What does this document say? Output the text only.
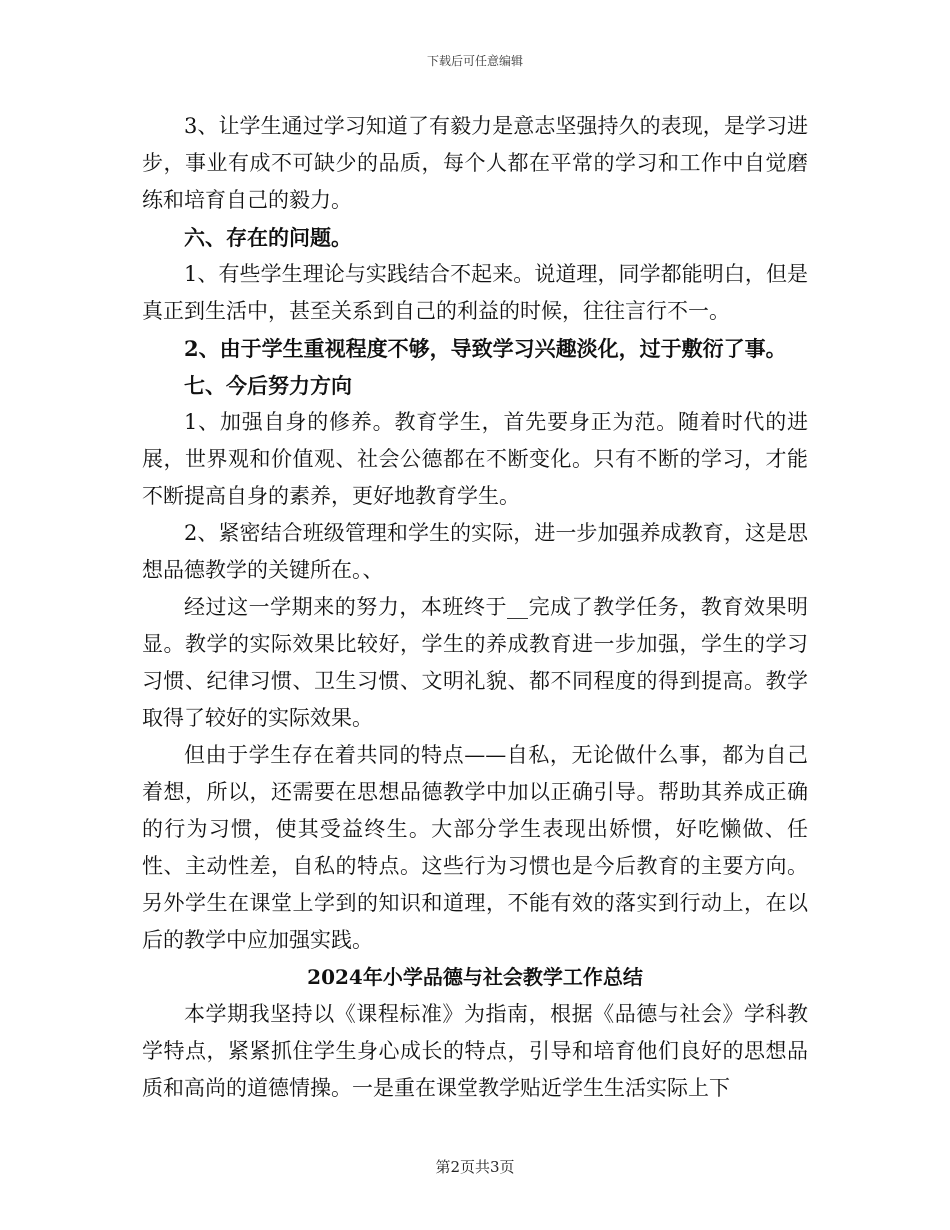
下载后可任意编辑

3、让学生通过学习知道了有毅力是意志坚强持久的表现，是学习进步，事业有成不可缺少的品质，每个人都在平常的学习和工作中自觉磨练和培育自己的毅力。

六、存在的问题。

1、有些学生理论与实践结合不起来。说道理，同学都能明白，但是真正到生活中，甚至关系到自己的利益的时候，往往言行不一。

2、由于学生重视程度不够，导致学习兴趣淡化，过于敷衍了事。

七、今后努力方向

1、加强自身的修养。教育学生，首先要身正为范。随着时代的进展，世界观和价值观、社会公德都在不断变化。只有不断的学习，才能不断提高自身的素养，更好地教育学生。

2、紧密结合班级管理和学生的实际，进一步加强养成教育，这是思想品德教学的关键所在。、

经过这一学期来的努力，本班终于__完成了教学任务，教育效果明显。教学的实际效果比较好，学生的养成教育进一步加强，学生的学习习惯、纪律习惯、卫生习惯、文明礼貌、都不同程度的得到提高。教学取得了较好的实际效果。

但由于学生存在着共同的特点——自私，无论做什么事，都为自己着想，所以，还需要在思想品德教学中加以正确引导。帮助其养成正确的行为习惯，使其受益终生。大部分学生表现出娇惯，好吃懒做、任性、主动性差，自私的特点。这些行为习惯也是今后教育的主要方向。另外学生在课堂上学到的知识和道理，不能有效的落实到行动上，在以后的教学中应加强实践。

2024年小学品德与社会教学工作总结

本学期我坚持以《课程标准》为指南，根据《品德与社会》学科教学特点，紧紧抓住学生身心成长的特点，引导和培育他们良好的思想品质和高尚的道德情操。一是重在课堂教学贴近学生生活实际上下

第2页共3页
